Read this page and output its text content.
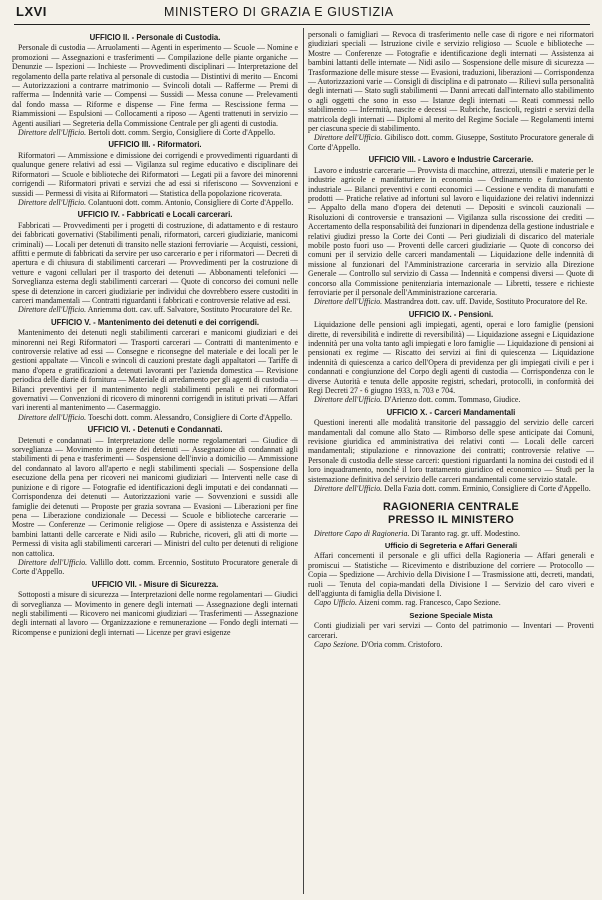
LXVI	MINISTERO DI GRAZIA E GIUSTIZIA
UFFICIO II. - Personale di Custodia.

Personale di custodia — Arruolamenti — Agenti in esperimento — Scuole — Nomine e promozioni — Assegnazioni e trasferimenti — Compilazione delle piante organiche — Denunzie — Ispezioni — Inchieste — Provvedimenti disciplinari — Interpretazione del regolamento della parte relativa al personale di custodia — Distintivi di merito — Encomi — Autorizzazioni a contrarre matrimonio — Svincoli dotali — Rafferme — Premi di rafferma — Indennità varie — Compensi — Sussidi — Messa conune — Prelevamenti dal fondo massa — Riforme e dispense — Fine ferma — Rescissione ferma — Riammissioni — Espulsioni — Collocamenti a riposo — Agenti trattenuti in servizio — Agenti ausiliari — Segreteria della Commissione Centrale per gli agenti di custodia.

Direttore dell'Ufficio. Bertoli dott. comm. Sergio, Consigliere di Corte d'Appello.

UFFICIO III. - Riformatori.

Riformatori — Ammissione e dimissione dei corrigendi e provvedimenti riguardanti di qualunque genere relativi ad essi — Vigilanza sul regime educativo e disciplinare dei Riformatori — Scuole e biblioteche dei Riformatori — Legati pii a favore dei minorenni corrigendi — Riformatori privati e servizi che ad essi si riferiscono — Sovvenzioni e sussidi — Permessi di visita ai Riformatori — Statistica della popolazione ricoverata.

Direttore dell'Ufficio. Colantuoni dott. comm. Antonio, Consigliere di Corte d'Appello.

UFFICIO IV. - Fabbricati e Locali carcerari.

Fabbricati — Provvedimenti per i progetti di costruzione, di adattamento e di restauro dei fabbricati governativi (Stabilimenti penali, riformatori, carceri giudiziarie, manicomi criminali) — Locali per detenuti di transito nelle stazioni ferroviarie — Acquisti, cessioni, affitti e permute di fabbricati da servire per uso carcerario e per i riformatori — Decreti di apertura e di chiusura di stabilimenti carcerari — Provvedimenti per la costruzione di vetture e vagoni cellulari per il trasporto dei detenuti — Abbonamenti telefonici — Sorveglianza esterna degli stabilimenti carcerari — Quote di concorso dei comuni nelle spese di detenzione in carceri giudiziarie per individui che dovrebbero essere custoditi in carceri mandamentali — Contratti riguardanti i fabbricati e controversie relative ad essi.

Direttore dell'Ufficio. Anriemma dott. cav. uff. Salvatore, Sostituto Procuratore del Re.

UFFICIO V. - Mantenimento dei detenuti e dei corrigendi.

Mantenimento dei detenuti negli stabilimenti carcerari e manicomi giudiziari e dei minorenni nei Regi Riformatori — Trasporti carcerari — Contratti di mantenimento e controversie relative ad essi — Consegne e riconsegne del materiale e dei locali per le gestioni appaltate — Vincoli e svincoli di cauzioni prestate dagli appaltatori — Tariffe di mano d'opera e gratificazioni a detenuti lavoranti per l'azienda domestica — Revisione periodica delle diarie di fornitura — Materiale di arredamento per gli agenti di custodia — Bilanci preventivi per il mantenimento negli stabilimenti penali e nei riformatori governativi — Convenzioni di ricovero di minorenni corrigendi in istituti privati — Affari vari inerenti al mantenimento — Casermaggio.

Direttore dell'Ufficio. Toeschi dott. comm. Alessandro, Consigliere di Corte d'Appello.

UFFICIO VI. - Detenuti e Condannati.

Detenuti e condannati — Interpretazione delle norme regolamentari — Giudice di sorveglianza — Movimento in genere dei detenuti — Assegnazione di condannati agli stabilimenti di pena e trasferimenti — Sospensione dell'invio a domicilio — Ammissione del condannato al lavoro all'aperto e negli stabilimenti speciali — Sospensione della esecuzione della pena per ricoveri nei manicomi giudiziari — Interventi nelle case di punizione e di rigore — Fotografie ed identificazioni degli imputati e dei condannati — Corrispondenza dei detenuti — Autorizzazioni varie — Sovvenzioni e sussidi alle famiglie dei detenuti — Proposte per grazia sovrana — Evasioni — Liberazioni per fine pena — Liberazione condizionale — Decessi — Scuole e biblioteche carcerarie — Mostre — Conferenze — Cerimonie religiose — Opere di assistenza e Assistenza dei bambini lattanti delle carcerate e Nidi asilo — Rubriche, ricoveri, gli atti di morte — Permessi di visita agli stabilimenti carcerari — Ministri del culto per detenuti di religione non cattolica.

Direttore dell'Ufficio. Vallillo dott. comm. Ercennio, Sostituto Procuratore generale di Corte d'Appello.

UFFICIO VII. - Misure di Sicurezza.

Sottoposti a misure di sicurezza — Interpretazioni delle norme regolamentari — Giudici di sorveglianza — Movimento in genere degli internati — Assegnazione degli internati negli stabilimenti — Ricovero nei manicomi giudiziari — Trasferimenti — Assegnazione degli internati al lavoro — Organizzazione e remunerazione — Fondo degli internati — Ricompense e punizioni degli internati — Licenze per gravi esigenze

personali o famigliari — Revoca di trasferimento nelle case di rigore e nei riformatori giudiziari speciali — Istruzione civile e servizio religioso — Scuole e biblioteche — Mostre — Conferenze — Fotografie e identificazione degli internati — Assistenza ai bambini lattanti delle internate — Nidi asilo — Sospensione delle misure di sicurezza — Trasformazione delle misure stesse — Evasioni, traduzioni, liberazioni — Corrispondenza — Autorizzazioni varie — Consigli di disciplina e di patronato — Rilievi sulla personalità degli internati — Stato sugli stabilimenti — Danni arrecati dall'internato allo stabilimento o agli oggetti che sono in esso — Istanze degli internati — Reati commessi nello stabilimento — Infermità, nascite e decessi — Rubriche, fascicoli, registri e servizi della matricola degli internati — Diplomi al merito del Regime Sociale — Regolamenti interni per ciascuna specie di stabilimento.

Direttore dell'Ufficio. Gibilisco dott. comm. Giuseppe, Sostituto Procuratore generale di Corte d'Appello.

UFFICIO VIII. - Lavoro e Industrie Carcerarie.

Lavoro e industrie carcerarie — Provvista di macchine, attrezzi, utensili e materie per le industrie agricole e manifatturiere in economia — Ordinamento e funzionamento industriale — Bilanci preventivi e conti economici — Cessione e vendita di manufatti e prodotti — Pratiche relative ad infortuni sul lavoro e liquidazione dei relativi indennizzi — Appalto della mano d'opera dei detenuti — Depositi e svincoli cauzionali — Risoluzioni di controversie e transazioni — Vigilanza sulla riscossione dei crediti — Accertamento della responsabilità dei funzionari in dipendenza della gestione industriale e relativi giudizi presso la Corte dei Conti — Peri giudiziali di discarico del materiale mobile posto fuori uso — Proventi delle carceri giudiziarie — Quote di concorso dei comuni per il servizio delle carceri mandamentali — Liquidazione delle indennità di missione al funzionari del l'Amministrazione carceraria in servizio alla Direzione Generale — Controllo sul servizio di Cassa — Indennità e compensi diversi — Quote di concorso alla Commissione penitenziaria internazionale — Libretti, tessere e richieste ferroviarie per il personale dell'Amministrazione carceraria.

Direttore dell'Ufficio. Mastrandrea dott. cav. uff. Davide, Sostituto Procuratore del Re.

UFFICIO IX. - Pensioni.

Liquidazione delle pensioni agli impiegati, agenti, operai e loro famiglie (pensioni dirette, di reversibilità e indirette di reversibilità) — Liquidazione assegni e Liquidazione indennità per una volta tanto agli impiegati e loro famiglie — Liquidazione di pensioni ai pensionati ex regime — Riscatto dei servizi ai fini di quiescenza — Liquidazione indennità di quiescenza a carico dell'Opera di previdenza per gli impiegati civili e per i condannati e congiunzione del Corpo degli agenti di custodia — Corrispondenza con le diverse Autorità e tenuta delle apposite registri, schedari, protocolli, in conformità dei Regi Decreti 27 - 6 giugno 1933, n. 703 e 704.

Direttore dell'Ufficio. D'Arienzo dott. comm. Tommaso, Giudice.

UFFICIO X. - Carceri Mandamentali

Questioni inerenti alle modalità transitorie del passaggio del servizio delle carceri mandamentali dal comune allo Stato — Rimborso delle spese anticipate dai Comuni, revisione giuridica ed amministrativa dei relativi conti — Locali delle carceri mandamentali; stipulazione e rinnovazione dei contratti; controversie relative — Personale di custodia delle stesse carceri: questioni riguardanti la nomina dei custodi ed il loro inquadramento, nonché il loro trattamento giuridico ed economico — Studi per la sistemazione definitiva del servizio delle carceri mandamentali come servizio statale.

Direttore dell'Ufficio. Della Fazia dott. comm. Erminio, Consigliere di Corte d'Appello.

RAGIONERIA CENTRALE
PRESSO IL MINISTERO

Direttore Capo di Ragioneria. Di Taranto rag. gr. uff. Modestino.

Ufficio di Segreteria e Affari Generali

Affari concernenti il personale e gli uffici della Ragioneria — Affari generali e promiscui — Statistiche — Ricevimento e distribuzione del corriere — Protocollo — Copia — Spedizione — Archivio della Divisione I — Trasmissione atti, decreti, mandati, ruoli — Tenuta del copia-mandati della Divisione I — Servizio del caro viveri e dell'aggiunta di famiglia della Divisione I.

Capo Ufficio. Aizeni comm. rag. Francesco, Capo Sezione.

Sezione Speciale Mista

Conti giudiziali per vari servizi — Conto del patrimonio — Inventari — Proventi carcerari.

Capo Sezione. D'Oria comm. Cristoforo.
